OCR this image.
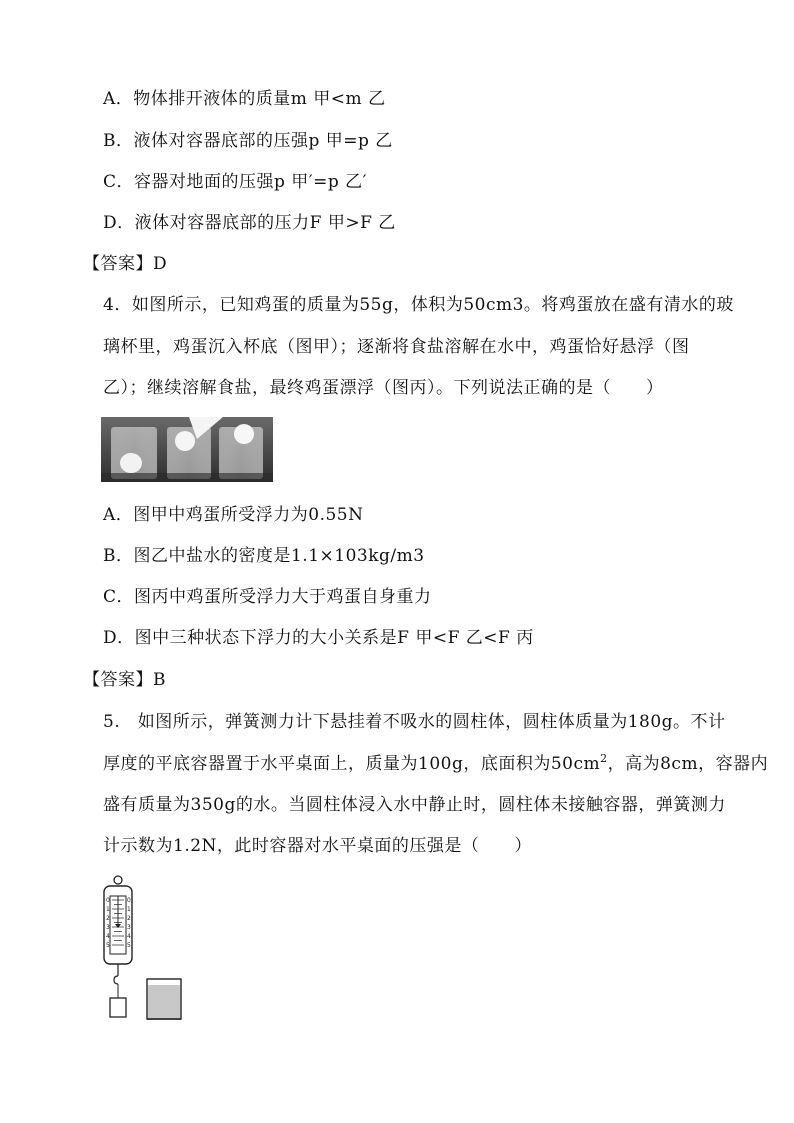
A．物体排开液体的质量m 甲<m 乙
B．液体对容器底部的压强p 甲=p 乙
C．容器对地面的压强p 甲′=p 乙′
D．液体对容器底部的压力F 甲>F 乙
【答案】D
4．如图所示，已知鸡蛋的质量为55g，体积为50cm3。将鸡蛋放在盛有清水的玻
璃杯里，鸡蛋沉入杯底（图甲）；逐渐将食盐溶解在水中，鸡蛋恰好悬浮（图
乙）；继续溶解食盐，最终鸡蛋漂浮（图丙）。下列说法正确的是（　　）
A．图甲中鸡蛋所受浮力为0.55N
B．图乙中盐水的密度是1.1×103kg/m3
C．图丙中鸡蛋所受浮力大于鸡蛋自身重力
D．图中三种状态下浮力的大小关系是F 甲<F 乙<F 丙
【答案】B
5.　如图所示，弹簧测力计下悬挂着不吸水的圆柱体，圆柱体质量为180g。不计
厚度的平底容器置于水平桌面上，质量为100g，底面积为$50cm^2$，高为8cm，容器内
盛有质量为350g的水。当圆柱体浸入水中静止时，圆柱体未接触容器，弹簧测力
计示数为1.2N，此时容器对水平桌面的压强是（　　）
0
1
2
3
4
5
0
1
2
3
4
5
